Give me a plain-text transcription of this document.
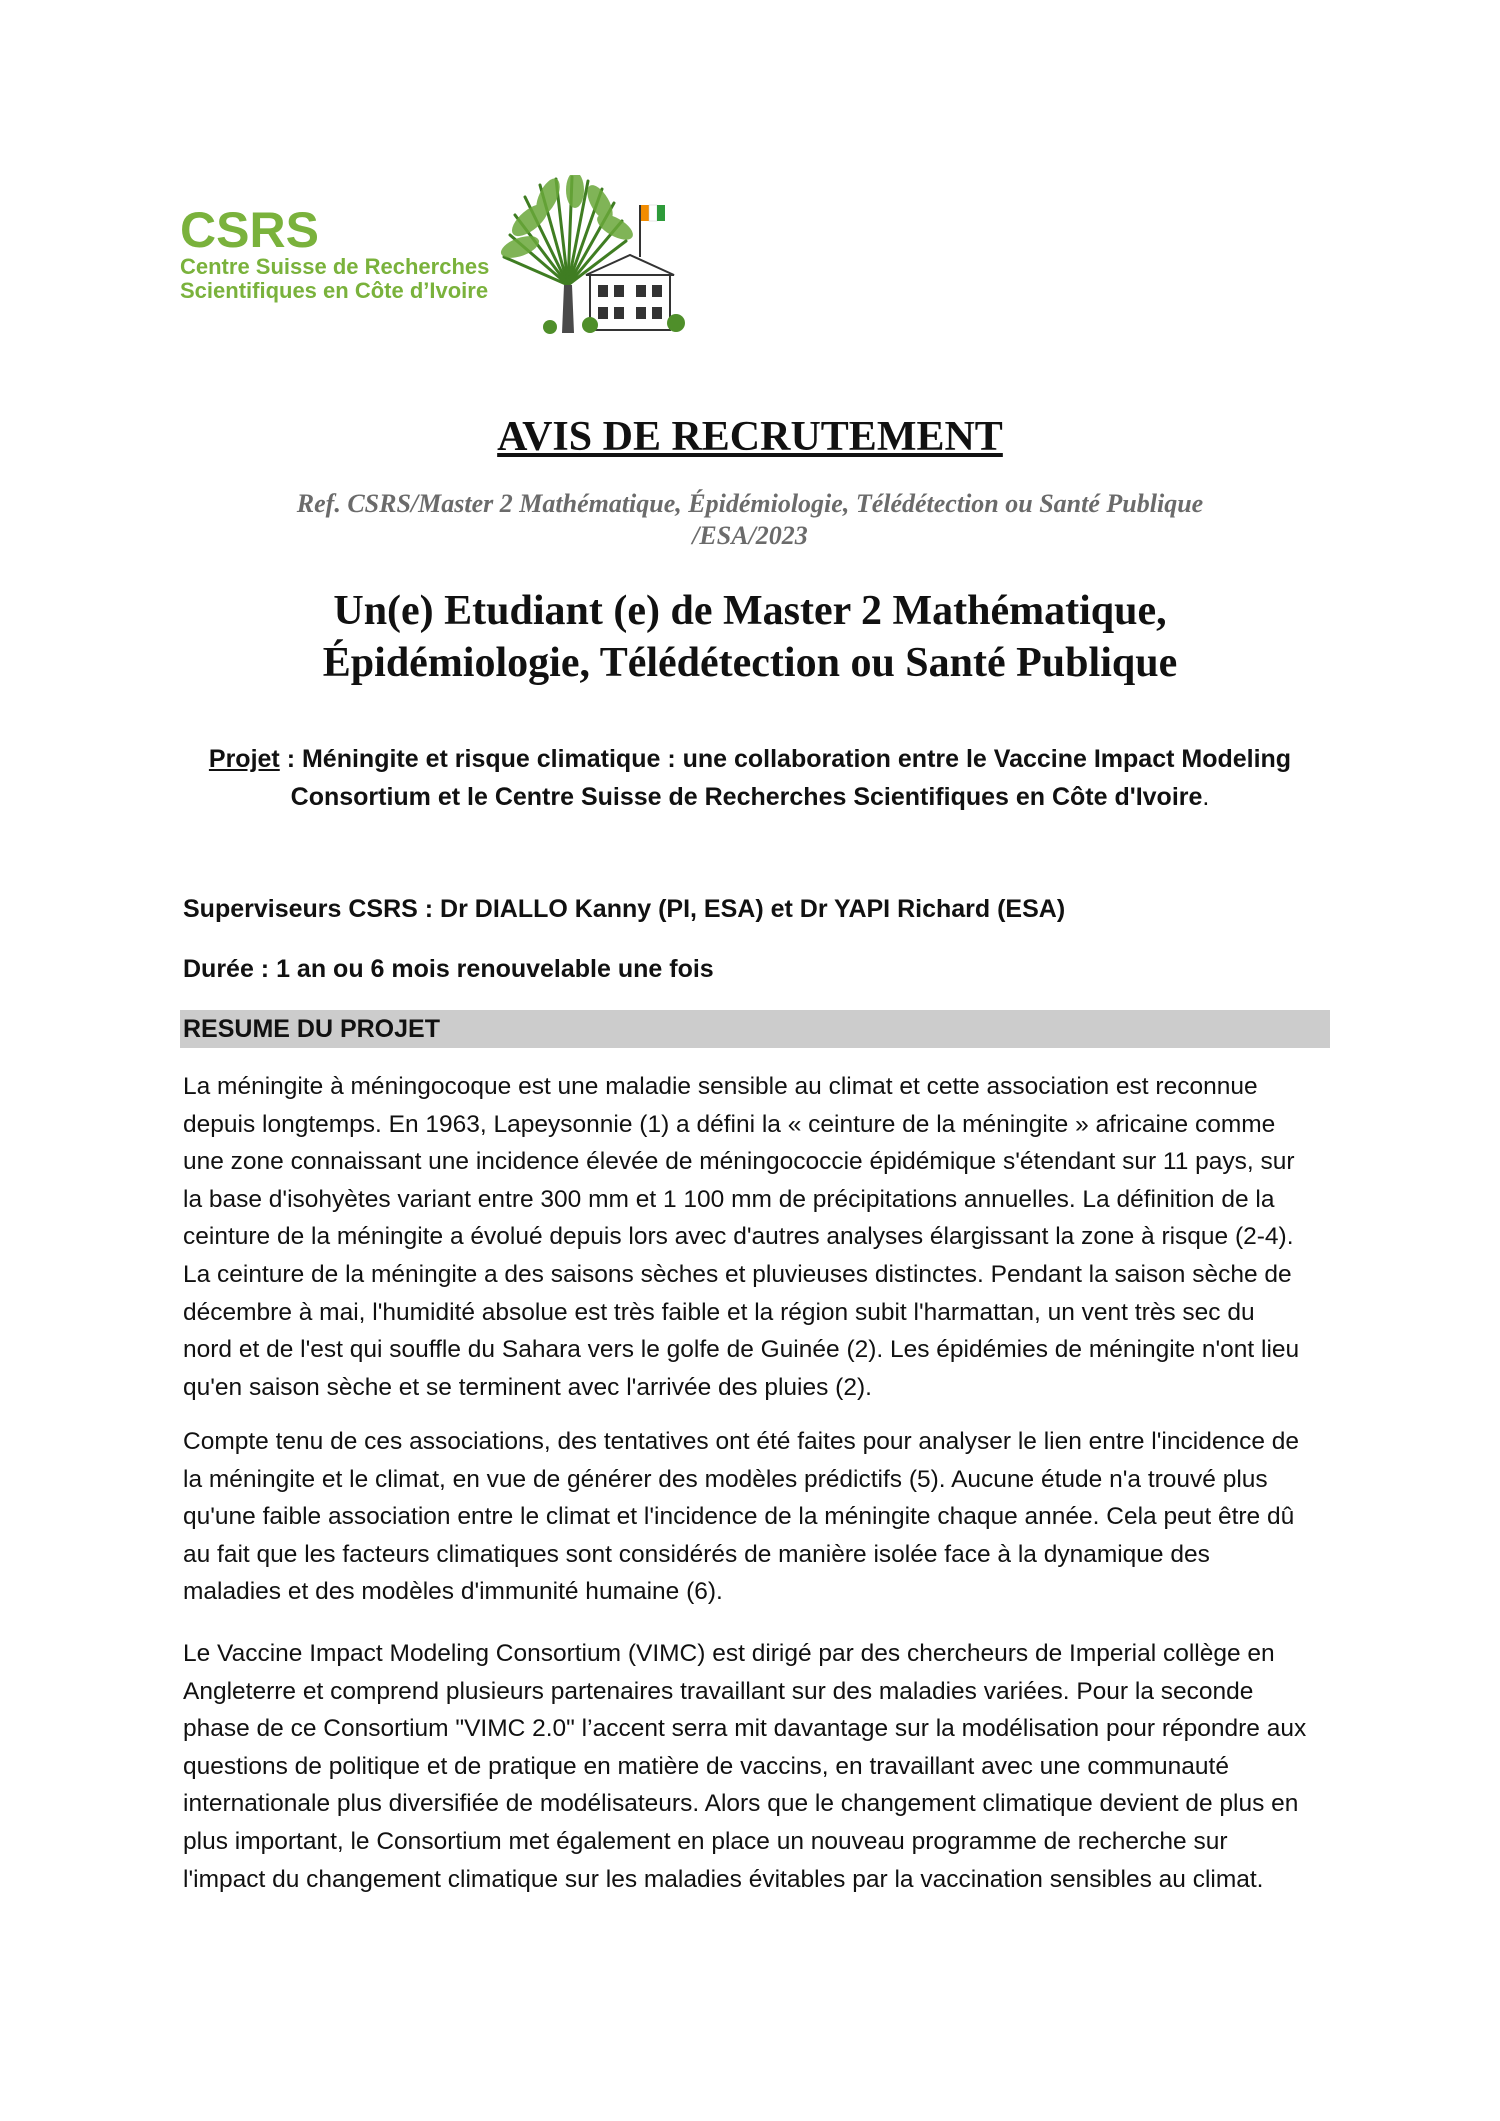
CSRS
Centre Suisse de Recherches
Scientifiques en Côte d’Ivoire
AVIS DE RECRUTEMENT
Ref. CSRS/Master 2 Mathématique, Épidémiologie, Télédétection ou Santé Publique
/ESA/2023
Un(e) Etudiant (e) de Master 2 Mathématique,
Épidémiologie, Télédétection ou Santé Publique
Projet : Méningite et risque climatique : une collaboration entre le Vaccine Impact Modeling
Consortium et le Centre Suisse de Recherches Scientifiques en Côte d'Ivoire.
Superviseurs CSRS : Dr DIALLO Kanny (PI, ESA) et Dr YAPI Richard (ESA)
Durée : 1 an ou 6 mois renouvelable une fois
RESUME DU PROJET
La méningite à méningocoque est une maladie sensible au climat et cette association est reconnue
depuis longtemps. En 1963, Lapeysonnie (1) a défini la « ceinture de la méningite » africaine comme
une zone connaissant une incidence élevée de méningococcie épidémique s'étendant sur 11 pays, sur
la base d'isohyètes variant entre 300 mm et 1 100 mm de précipitations annuelles. La définition de la
ceinture de la méningite a évolué depuis lors avec d'autres analyses élargissant la zone à risque (2-4).
La ceinture de la méningite a des saisons sèches et pluvieuses distinctes. Pendant la saison sèche de
décembre à mai, l'humidité absolue est très faible et la région subit l'harmattan, un vent très sec du
nord et de l'est qui souffle du Sahara vers le golfe de Guinée (2). Les épidémies de méningite n'ont lieu
qu'en saison sèche et se terminent avec l'arrivée des pluies (2).
Compte tenu de ces associations, des tentatives ont été faites pour analyser le lien entre l'incidence de
la méningite et le climat, en vue de générer des modèles prédictifs (5). Aucune étude n'a trouvé plus
qu'une faible association entre le climat et l'incidence de la méningite chaque année. Cela peut être dû
au fait que les facteurs climatiques sont considérés de manière isolée face à la dynamique des
maladies et des modèles d'immunité humaine (6).
Le Vaccine Impact Modeling Consortium (VIMC) est dirigé par des chercheurs de Imperial collège en
Angleterre et comprend plusieurs partenaires travaillant sur des maladies variées. Pour la seconde
phase de ce Consortium "VIMC 2.0" l’accent serra mit davantage sur la modélisation pour répondre aux
questions de politique et de pratique en matière de vaccins, en travaillant avec une communauté
internationale plus diversifiée de modélisateurs. Alors que le changement climatique devient de plus en
plus important, le Consortium met également en place un nouveau programme de recherche sur
l'impact du changement climatique sur les maladies évitables par la vaccination sensibles au climat.
